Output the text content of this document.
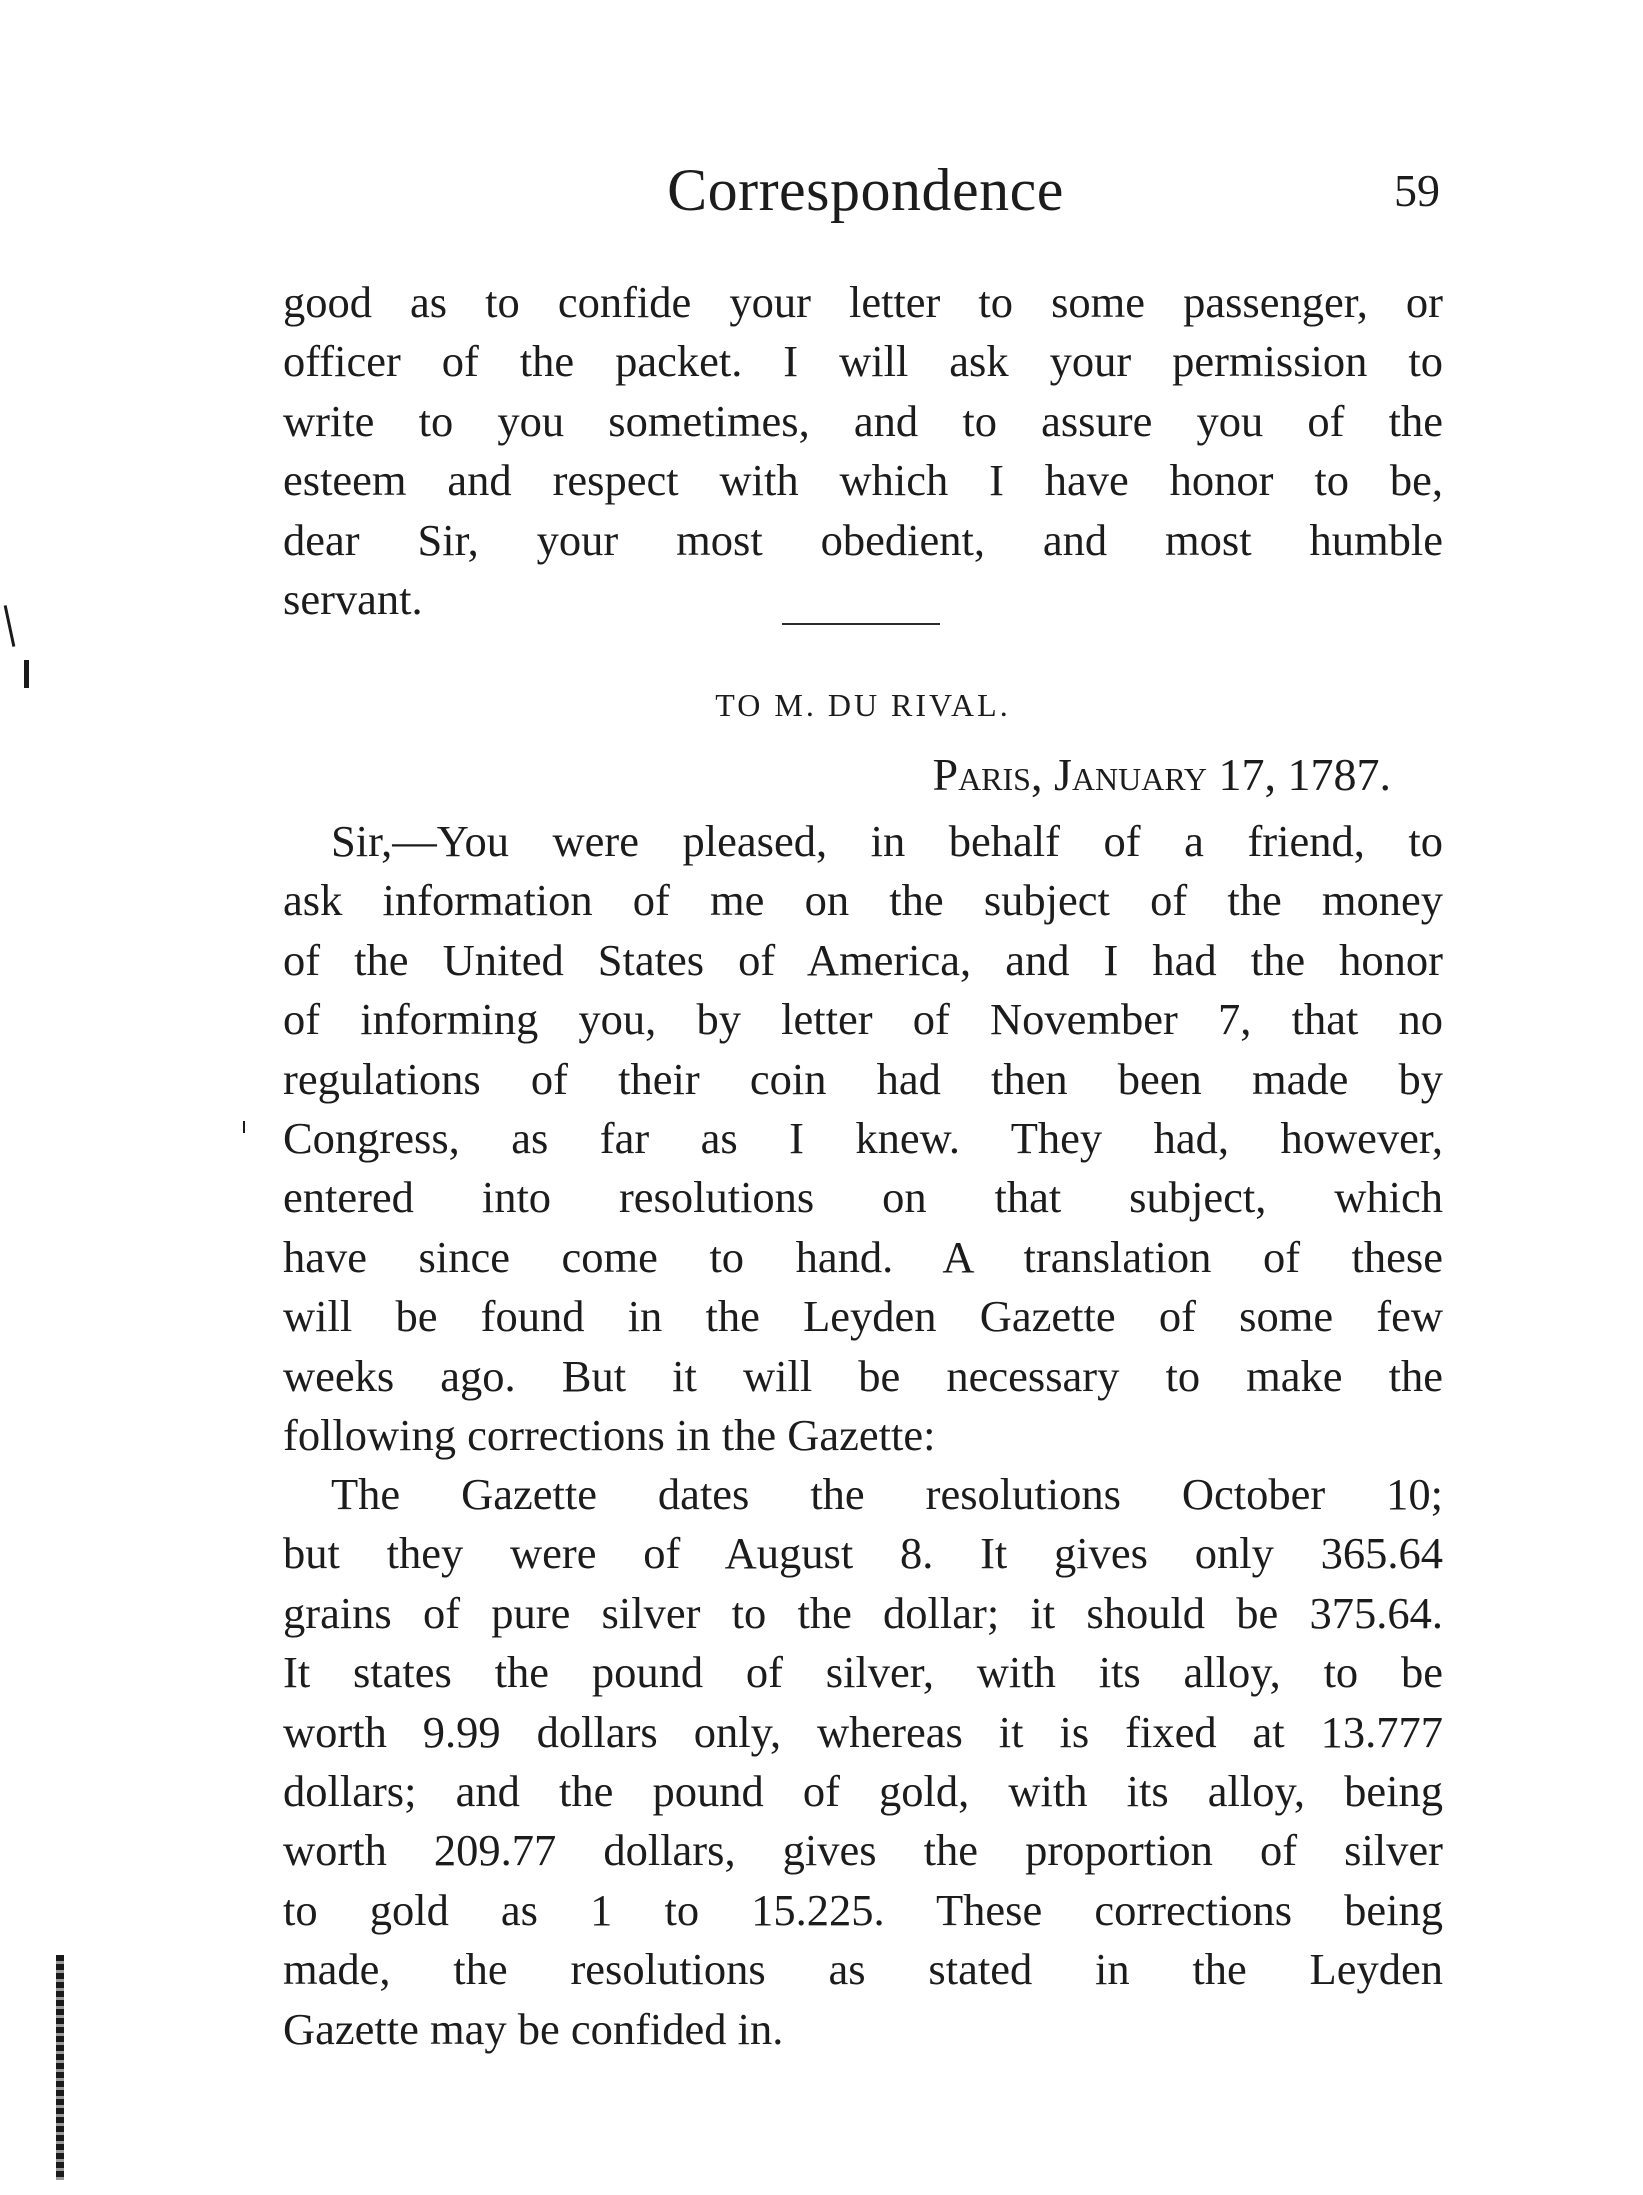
Correspondence	59
good as to confide your letter to some passenger, or
officer of the packet. I will ask your permission to
write to you sometimes, and to assure you of the
esteem and respect with which I have honor to be,
dear Sir, your most obedient, and most humble
servant.
TO M. DU RIVAL.
Paris, January 17, 1787.
Sir,—You were pleased, in behalf of a friend, to
ask information of me on the subject of the money
of the United States of America, and I had the honor
of informing you, by letter of November 7, that no
regulations of their coin had then been made by
Congress, as far as I knew. They had, however,
entered into resolutions on that subject, which
have since come to hand. A translation of these
will be found in the Leyden Gazette of some few
weeks ago. But it will be necessary to make the
following corrections in the Gazette:
The Gazette dates the resolutions October 10;
but they were of August 8. It gives only 365.64
grains of pure silver to the dollar; it should be 375.64.
It states the pound of silver, with its alloy, to be
worth 9.99 dollars only, whereas it is fixed at 13.777
dollars; and the pound of gold, with its alloy, being
worth 209.77 dollars, gives the proportion of silver
to gold as 1 to 15.225. These corrections being
made, the resolutions as stated in the Leyden
Gazette may be confided in.
